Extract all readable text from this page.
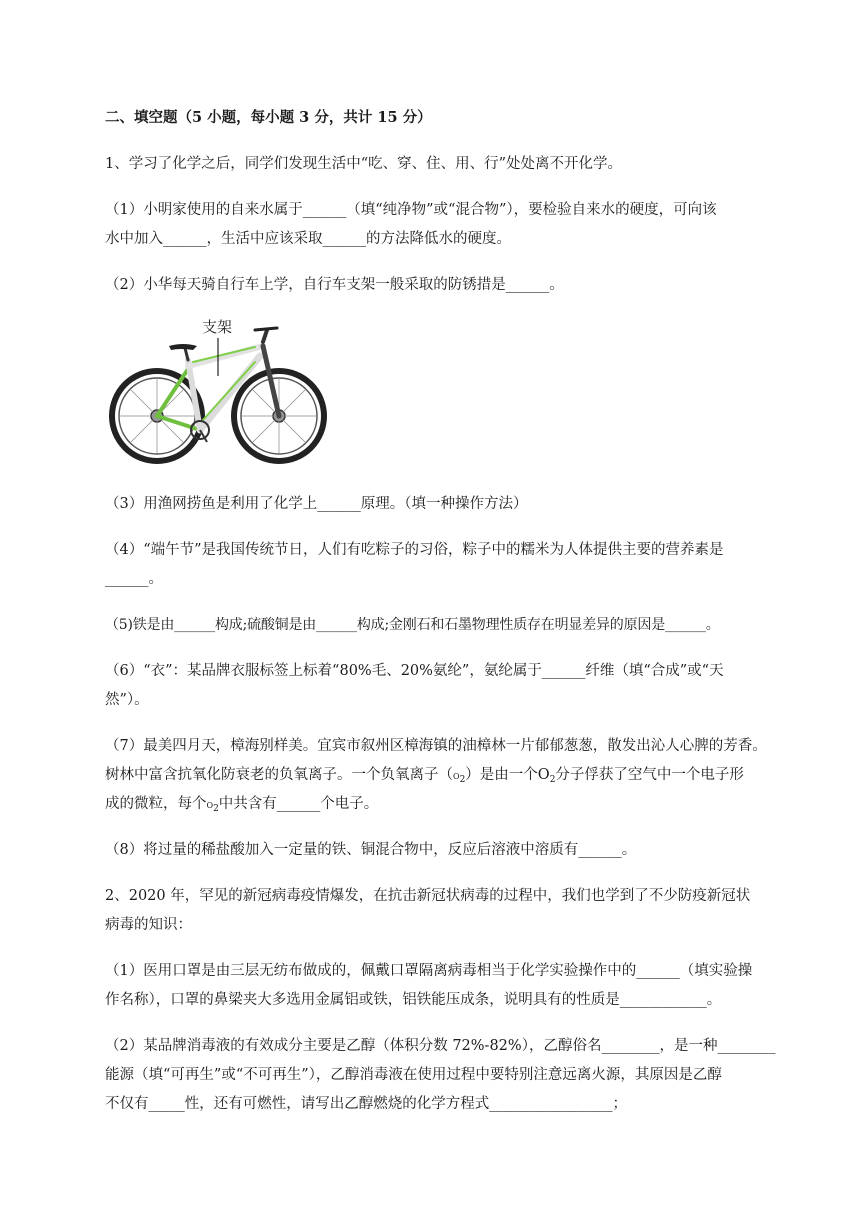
二、填空题（5 小题，每小题 3 分，共计 15 分）
1、学习了化学之后，同学们发现生活中“吃、穿、住、用、行”处处离不开化学。
（1）小明家使用的自来水属于______（填“纯净物”或“混合物”），要检验自来水的硬度，可向该
水中加入______，生活中应该采取______的方法降低水的硬度。
（2）小华每天骑自行车上学，自行车支架一般采取的防锈措是______。
支架
（3）用渔网捞鱼是利用了化学上______原理。（填一种操作方法）
（4）“端午节”是我国传统节日，人们有吃粽子的习俗，粽子中的糯米为人体提供主要的营养素是
______。
（5)铁是由______构成;硫酸铜是由______构成;金刚石和石墨物理性质存在明显差异的原因是______。
（6）“衣”：某品牌衣服标签上标着“80%毛、20%氨纶”，氨纶属于______纤维（填“合成”或“天
然”）。
（7）最美四月天，樟海别样美。宜宾市叙州区樟海镇的油樟林一片郁郁葱葱，散发出沁人心脾的芳香。
树林中富含抗氧化防衰老的负氧离子。一个负氧离子$(O_2)$是由一个$O_2$分子俘获了空气中一个电子形
成的微粒，每个$O_2$中共含有______个电子。
（8）将过量的稀盐酸加入一定量的铁、铜混合物中，反应后溶液中溶质有______。
2、2020 年，罕见的新冠病毒疫情爆发，在抗击新冠状病毒的过程中，我们也学到了不少防疫新冠状
病毒的知识：
（1）医用口罩是由三层无纺布做成的，佩戴口罩隔离病毒相当于化学实验操作中的______（填实验操
作名称），口罩的鼻梁夹大多选用金属铝或铁，铝铁能压成条，说明具有的性质是____________。
（2）某品牌消毒液的有效成分主要是乙醇（体积分数 72%-82%），乙醇俗名________，是一种________
能源（填“可再生”或“不可再生”），乙醇消毒液在使用过程中要特别注意远离火源，其原因是乙醇
不仅有_____性，还有可燃性，请写出乙醇燃烧的化学方程式_________________；
